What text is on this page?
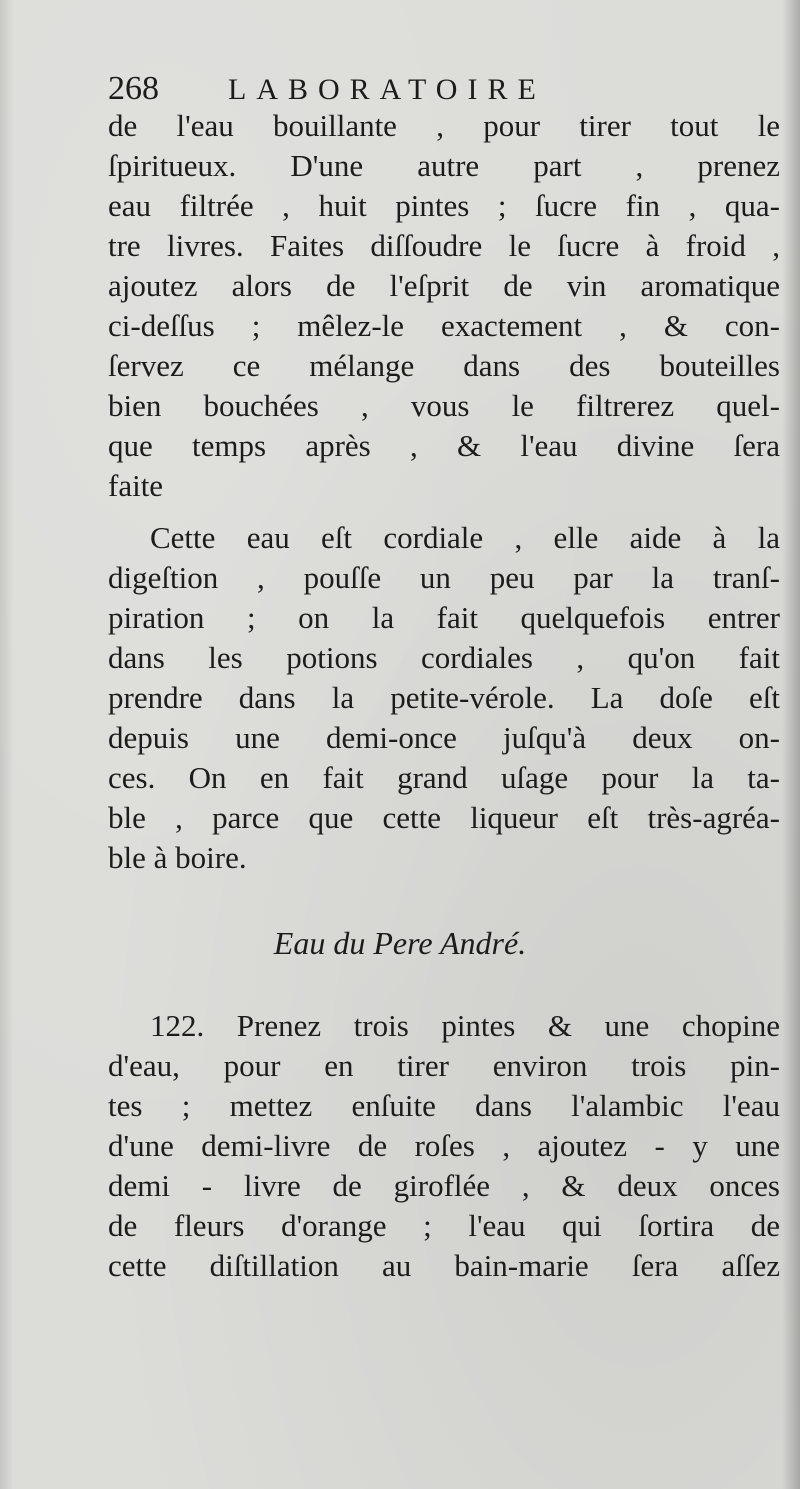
268 LABORATOIRE
de l'eau bouillante , pour tirer tout le
ſpiritueux. D'une autre part , prenez
eau filtrée , huit pintes ; ſucre fin , qua-
tre livres. Faites diſſoudre le ſucre à froid ,
ajoutez alors de l'eſprit de vin aromatique
ci-deſſus ; mêlez-le exactement , & con-
ſervez ce mélange dans des bouteilles
bien bouchées , vous le filtrerez quel-
que temps après , & l'eau divine ſera
faite
Cette eau eſt cordiale , elle aide à la
digeſtion , pouſſe un peu par la tranſ-
piration ; on la fait quelquefois entrer
dans les potions cordiales , qu'on fait
prendre dans la petite-vérole. La doſe eſt
depuis une demi-once juſqu'à deux on-
ces. On en fait grand uſage pour la ta-
ble , parce que cette liqueur eſt très-agréa-
ble à boire.
Eau du Pere André.
122. Prenez trois pintes & une chopine
d'eau, pour en tirer environ trois pin-
tes ; mettez enſuite dans l'alambic l'eau
d'une demi-livre de roſes , ajoutez - y une
demi - livre de giroflée , & deux onces
de fleurs d'orange ; l'eau qui ſortira de
cette diſtillation au bain-marie ſera aſſez
